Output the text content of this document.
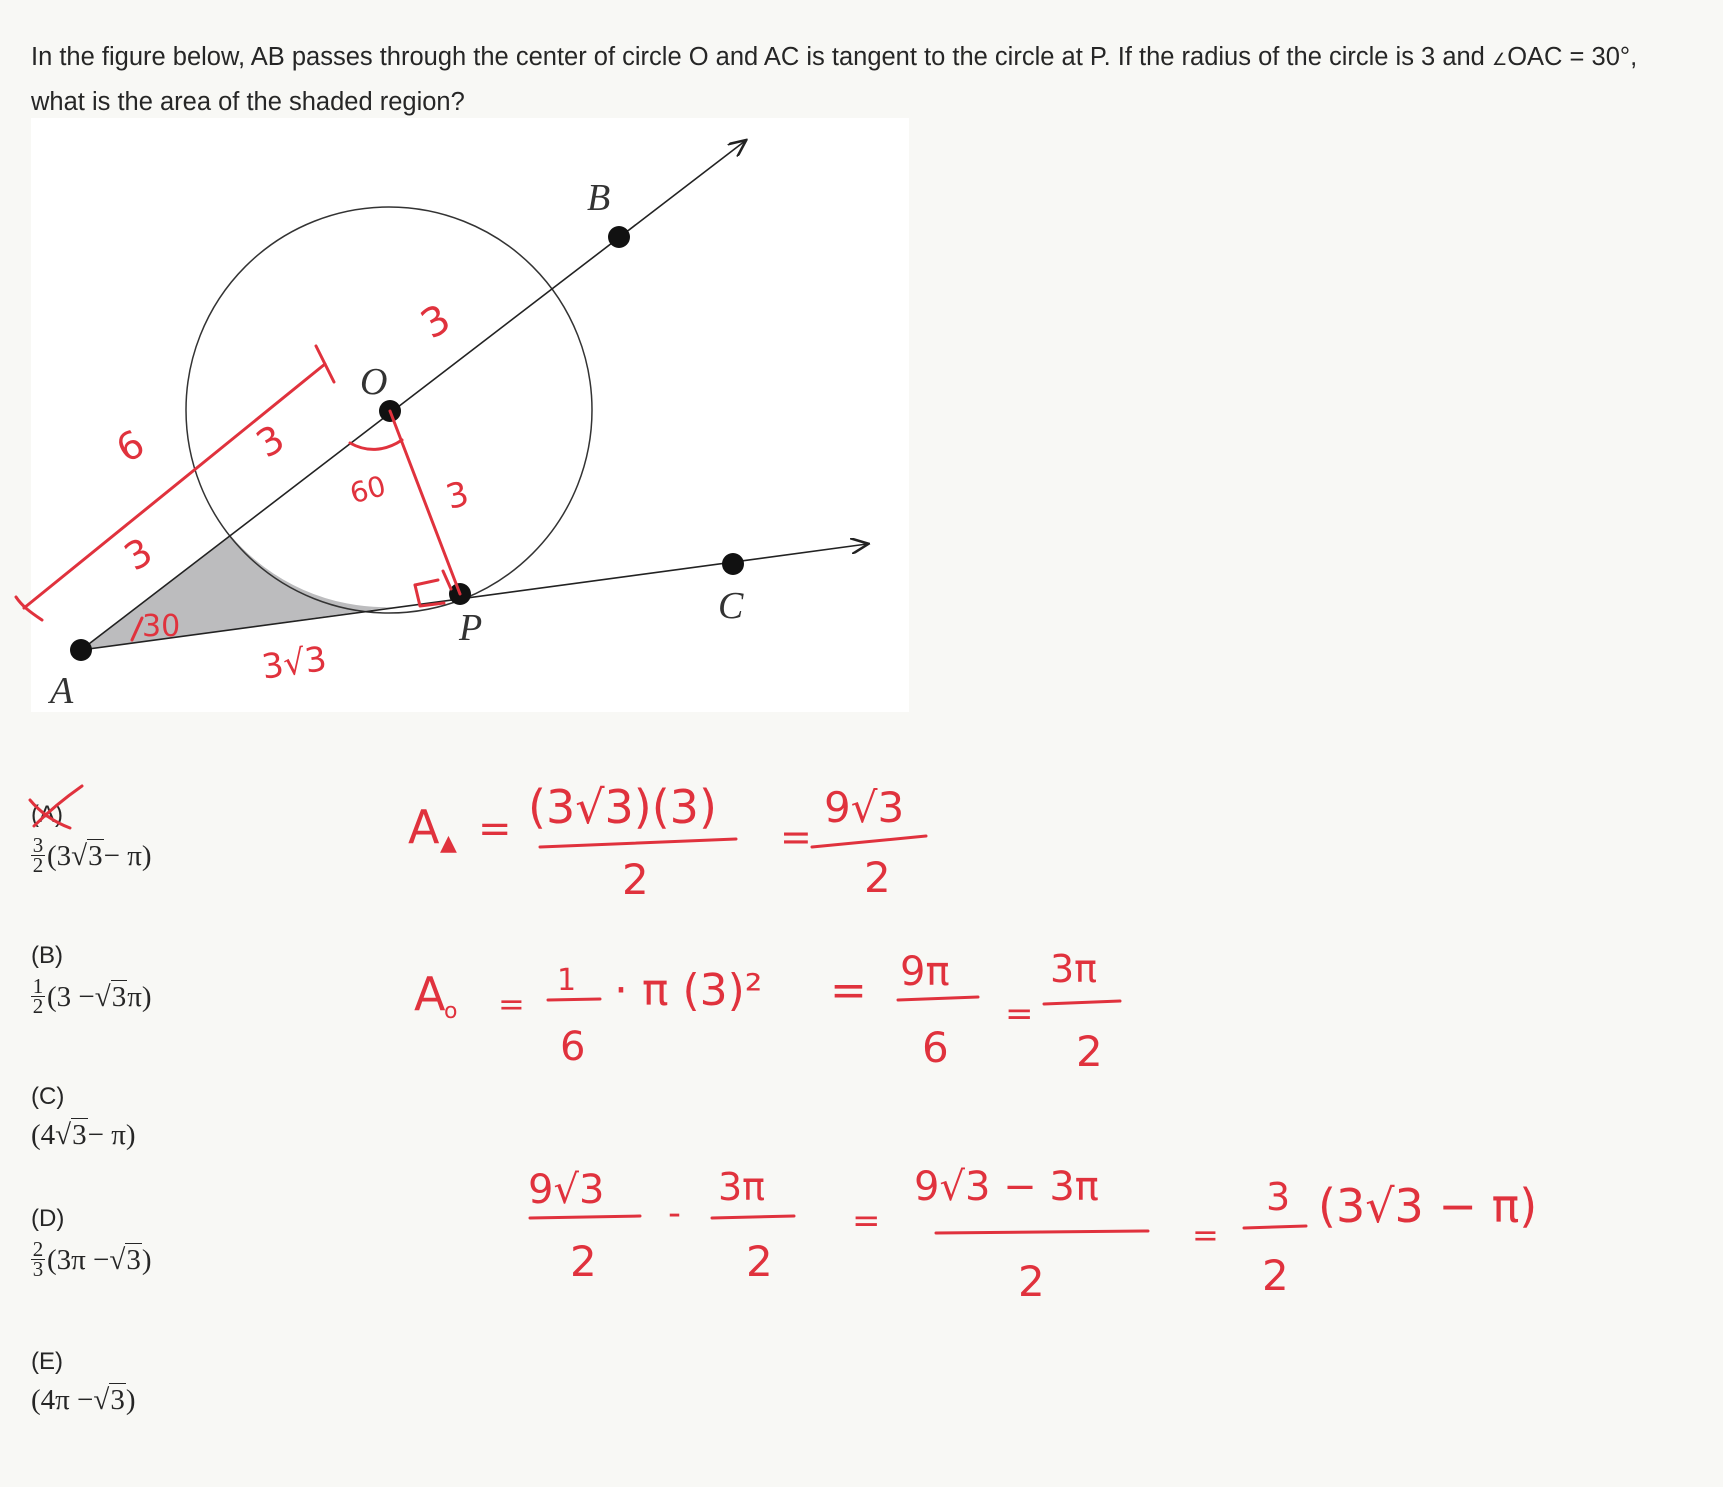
In the figure below, AB passes through the center of circle O and AC is tangent to the circle at P. If the radius of the circle is 3 and ∠OAC = 30°, what is the area of the shaded region?
(A)
$\frac{3}{2} (3$ √ 3 − π)
(B)
$\frac{1}{2} (3$ − √ 3 π)
(C)
(4 √ 3 − π)
(D)
$\frac{2}{3} (3\pi$ − √ 3 )
(E)
(4π − √ 3 )
A
B
C
O
P
6	3
3
3
3
60
30
3√3
A ▲ = (3√3)(3)
2
=
9√3
2
A
o =
1
6
· π (3)² = 9π
6
=
3π
2
9√3
2
-
3π
2
=
9√3 − 3π
2
=
3
2
(3√3 − π)
